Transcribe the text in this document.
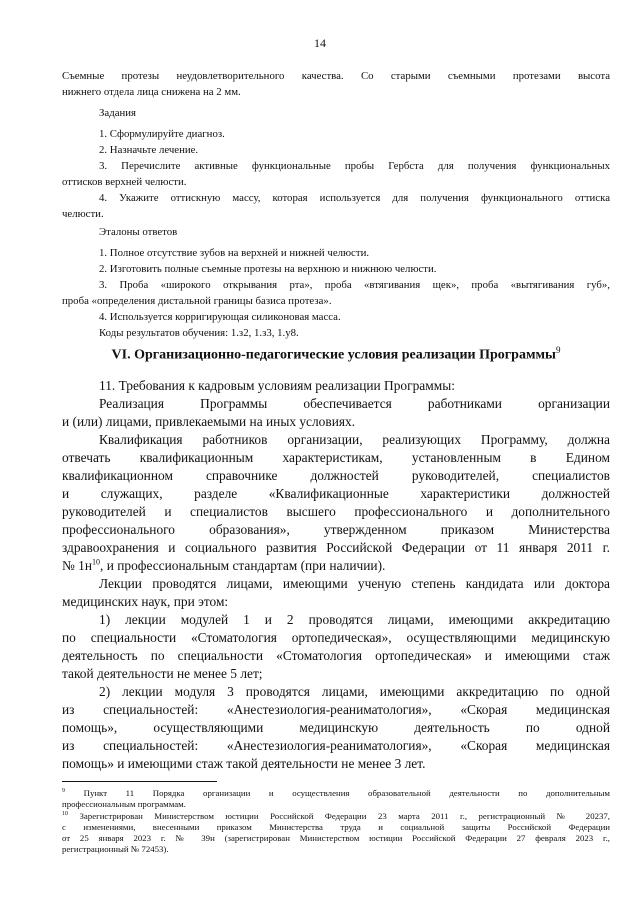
14
Съемные протезы неудовлетворительного качества. Со старыми съемными протезами высота
нижнего отдела лица снижена на 2 мм.
Задания
1. Сформулируйте диагноз.
2. Назначьте лечение.
3. Перечислите активные функциональные пробы Гербста для получения функциональных
оттисков верхней челюсти.
4. Укажите оттискную массу, которая используется для получения функционального оттиска
челюсти.
Эталоны ответов
1. Полное отсутствие зубов на верхней и нижней челюсти.
2. Изготовить полные съемные протезы на верхнюю и нижнюю челюсти.
3. Проба «широкого открывания рта», проба «втягивания щек», проба «вытягивания губ»,
проба «определения дистальной границы базиса протеза».
4. Используется корригирующая силиконовая масса.
Коды результатов обучения: 1.з2, 1.з3, 1.у8.
VI. Организационно-педагогические условия реализации Программы$^9$
11. Требования к кадровым условиям реализации Программы:

Реализация Программы обеспечивается работниками организации
и (или) лицами, привлекаемыми на иных условиях.

Квалификация работников организации, реализующих Программу, должна
отвечать квалификационным характеристикам, установленным в Едином
квалификационном справочнике должностей руководителей, специалистов
и служащих, разделе «Квалификационные характеристики должностей
руководителей и специалистов высшего профессионального и дополнительного
профессионального образования», утвержденном приказом Министерства
здравоохранения и социального развития Российской Федерации от 11 января 2011 г.
№ $1н^{10}$, и профессиональным стандартам (при наличии).

Лекции проводятся лицами, имеющими ученую степень кандидата или доктора
медицинских наук, при этом:

1) лекции модулей 1 и 2 проводятся лицами, имеющими аккредитацию
по специальности «Стоматология ортопедическая», осуществляющими медицинскую
деятельность по специальности «Стоматология ортопедическая» и имеющими стаж
такой деятельности не менее 5 лет;

2) лекции модуля 3 проводятся лицами, имеющими аккредитацию по одной
из специальностей: «Анестезиология-реаниматология», «Скорая медицинская
помощь», осуществляющими медицинскую деятельность по одной
из специальностей: «Анестезиология-реаниматология», «Скорая медицинская
помощь» и имеющими стаж такой деятельности не менее 3 лет.

$^9$ Пункт 11 Порядка организации и осуществления образовательной деятельности по дополнительным
профессиональным программам.
$^{10}$ Зарегистрирован Министерством юстиции Российской Федерации 23 марта 2011 г., регистрационный № 20237,
с изменениями, внесенными приказом Министерства труда и социальной защиты Российской Федерации
от 25 января 2023 г. № 39н (зарегистрирован Министерством юстиции Российской Федерации 27 февраля 2023 г.,
регистрационный № 72453).
